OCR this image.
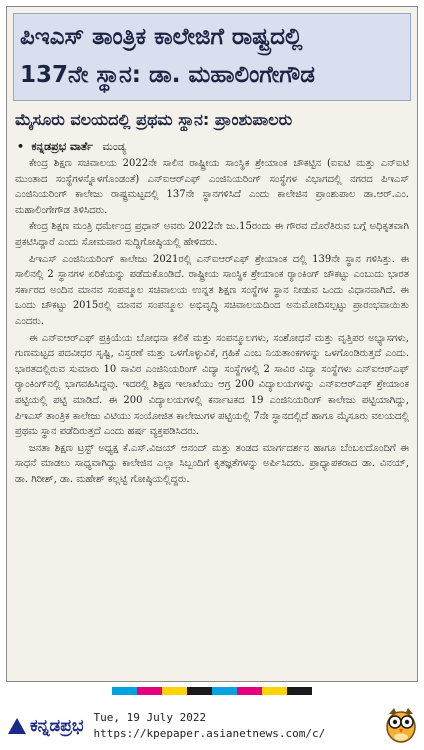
ಪಿಇಎಸ್ ತಾಂತ್ರಿಕ ಕಾಲೇಜಿಗೆ ರಾಷ್ಟ್ರದಲ್ಲಿ
137ನೇ ಸ್ಥಾನ: ಡಾ. ಮಹಾಲಿಂಗೇಗೌಡ
ಮೈಸೂರು ವಲಯದಲ್ಲಿ ಪ್ರಥಮ ಸ್ಥಾನ: ಪ್ರಾಂಶುಪಾಲರು
• ಕನ್ನಡಪ್ರಭ ವಾರ್ತೆ ಮಂಡ್ಯ

ಕೇಂದ್ರ ಶಿಕ್ಷಣ ಸಚಿವಾಲಯ 2022ನೇ ಸಾಲಿನ ರಾಷ್ಟ್ರೀಯ ಸಾಂಸ್ಥಿಕ ಶ್ರೇಯಾಂಕ ಚೌಕಟ್ಟಿನ (ಐಐಟಿ ಮತ್ತು ಎನ್‌ಐಟಿ ಮುಂತಾದ ಸಂಸ್ಥೆಗಳನ್ನೊಳಗೊಂಡಂತೆ) ಎನ್‌ಐಆರ್‌ಎಫ್ ಎಂಜಿನಿಯರಿಂಗ್ ಸಂಸ್ಥೆಗಳ ವಿಭಾಗದಲ್ಲಿ ನಗರದ ಪಿಇಎಸ್ ಎಂಜಿನಿಯರಿಂಗ್ ಕಾಲೇಜು ರಾಷ್ಟ್ರಮಟ್ಟದಲ್ಲಿ 137ನೇ ಸ್ಥಾನಗಳಿಸಿದೆ ಎಂದು ಕಾಲೇಜಿನ ಪ್ರಾಂಶುಪಾಲ ಡಾ.ಆರ್.ಎಂ. ಮಹಾಲಿಂಗೇಗೌಡ ತಿಳಿಸಿದರು.

ಕೇಂದ್ರ ಶಿಕ್ಷಣ ಮಂತ್ರಿ ಧರ್ಮೇಂದ್ರ ಪ್ರಧಾನ್ ಅವರು 2022ನೇ ಜು.15ರಂದು ಈ ಗೌರವ ದೊರೆತಿರುವ ಬಗ್ಗೆ ಅಧಿಕೃತವಾಗಿ ಪ್ರಕಟಿಸಿದ್ದಾರೆ ಎಂದು ಸೋಮವಾರ ಸುದ್ದಿಗೋಷ್ಠಿಯಲ್ಲಿ ಹೇಳಿದರು.

ಪಿಇಎಸ್ ಎಂಜಿನಿಯರಿಂಗ್ ಕಾಲೇಜು 2021ರಲ್ಲಿ ಎನ್‌ಐಆರ್‌ಎಫ್ ಶ್ರೇಯಾಂಕ ದಲ್ಲಿ 139ನೇ ಸ್ಥಾನ ಗಳಿಸಿತ್ತು. ಈ ಸಾಲಿನಲ್ಲಿ 2 ಸ್ಥಾನಗಳ ಏರಿಕೆಯನ್ನು ಪಡೆದುಕೊಂಡಿದೆ. ರಾಷ್ಟ್ರೀಯ ಸಾಂಸ್ಥಿಕ ಶ್ರೇಯಾಂಕ ರ‍್ಯಾಂಕಿಂಗ್ ಚೌಕಟ್ಟು ಎಂಬುದು ಭಾರತ ಸರ್ಕಾರದ ಅಂದಿನ ಮಾನವ ಸಂಪನ್ಮೂಲ ಸಚಿವಾಲಯ ಉನ್ನತ ಶಿಕ್ಷಣ ಸಂಸ್ಥೆಗಳ ಸ್ಥಾನ ನೀಡುವ ಒಂದು ವಿಧಾನವಾಗಿದೆ. ಈ ಒಂದು ಚೌಕಟ್ಟು 2015ರಲ್ಲಿ ಮಾನವ ಸಂಪನ್ಮೂಲ ಅಭಿವೃದ್ಧಿ ಸಚಿವಾಲಯದಿಂದ ಅನುಮೋದಿಸಲ್ಪಟ್ಟು ಪ್ರಾರಂಭವಾಯಿತು ಎಂದರು.

ಈ ಎನ್‌ಐಆರ್‌ಎಫ್ ಪ್ರಕ್ರಿಯೆಯ ಬೋಧನಾ ಕಲಿಕೆ ಮತ್ತು ಸಂಪನ್ಮೂಲಗಳು, ಸಂಶೋಧನೆ ಮತ್ತು ವೃತ್ತಿಪರ ಅಭ್ಯಾಸಗಳು, ಗುಣಮಟ್ಟದ ಪದವೀಧರ ಸೃಷ್ಟಿ, ವಿಸ್ತರಣೆ ಮತ್ತು ಒಳಗೊಳ್ಳುವಿಕೆ, ಗ್ರಹಿಕೆ ಎಂಬ ನಿಯತಾಂಕಗಳನ್ನು ಒಳಗೊಂಡಿರುತ್ತದೆ ಎಂದು. ಭಾರತದಲ್ಲಿರುವ ಸುಮಾರು 10 ಸಾವಿರ ಎಂಜಿನಿಯರಿಂಗ್ ವಿದ್ಯಾ ಸಂಸ್ಥೆಗಳಲ್ಲಿ 2 ಸಾವಿರ ವಿದ್ಯಾ ಸಂಸ್ಥೆಗಳು ಎನ್‌ಐಆರ್‌ಎಫ್ ರ‍್ಯಾಂಕಿಂಗ್‌ನಲ್ಲಿ ಭಾಗವಹಿಸಿದ್ದವು. ಇದರಲ್ಲಿ ಶಿಕ್ಷಣ ಇಲಾಖೆಯು ಆಗ್ರ 200 ವಿದ್ಯಾಲಯಗಳನ್ನು ಎನ್‌ಐಆರ್‌ಎಫ್ ಶ್ರೇಯಾಂಕ ಪಟ್ಟಿಯಲ್ಲಿ ಪಟ್ಟಿ ಮಾಡಿದೆ. ಈ 200 ವಿದ್ಯಾಲಯಗಳಲ್ಲಿ ಕರ್ನಾಟಕದ 19 ಎಂಜಿನಿಯರಿಂಗ್ ಕಾಲೇಜು ಪಟ್ಟಿಯಾಗಿದ್ದು, ಪಿಇಎಸ್ ತಾಂತ್ರಿಕ ಕಾಲೇಜು ವಿಟಿಯು ಸಂಯೋಜಿತ ಕಾಲೇಜುಗಳ ಪಟ್ಟಿಯಲ್ಲಿ 7ನೇ ಸ್ಥಾನದಲ್ಲಿದೆ ಹಾಗೂ ಮೈಸೂರು ವಲಯದಲ್ಲಿ ಪ್ರಥಮ ಸ್ಥಾನ ಪಡೆದಿರುತ್ತದೆ ಎಂದು ಹರ್ಷ ವ್ಯಕ್ತಪಡಿಸಿದರು.

ಜನತಾ ಶಿಕ್ಷಣ ಟ್ರಸ್ಟ್ ಅಧ್ಯಕ್ಷ ಕೆ.ಎಸ್.ವಿಜಯ್ ಆನಂದ್ ಮತ್ತು ತಂಡದ ಮಾರ್ಗದರ್ಶನ ಹಾಗೂ ಬೆಂಬಲದೊಂದಿಗೆ ಈ ಸಾಧನೆ ಮಾಡಲು ಸಾಧ್ಯವಾಗಿದ್ದು ಕಾಲೇಜಿನ ಎಲ್ಲಾ ಸಿಬ್ಬಂದಿಗೆ ಕೃತಜ್ಞತೆಗಳನ್ನು ಅರ್ಪಿಸಿದರು. ಪ್ರಾಧ್ಯಾಪಕರಾದ ಡಾ. ವಿನಯ್, ಡಾ. ಗಿರೀಶ್, ಡಾ. ಮಹೇಶ್ ಕಲ್ಲಟ್ಟಿ ಗೋಷ್ಠಿಯಲ್ಲಿದ್ದರು.

ಕನ್ನಡಪ್ರಭ Tue, 19 July 2022
https://kpepaper.asianetnews.com/c/
